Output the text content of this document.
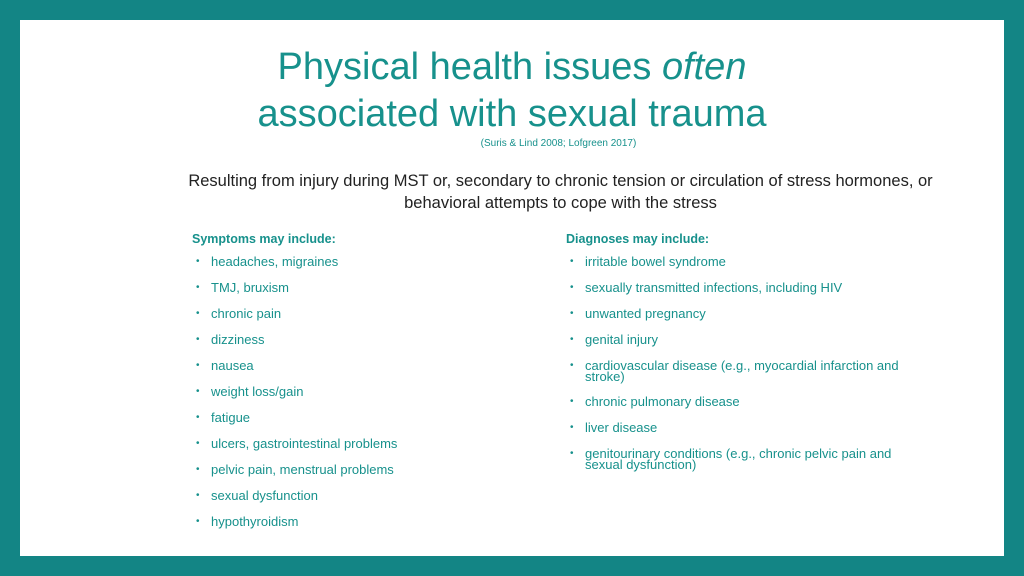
Physical health issues often
associated with sexual trauma
(Suris & Lind 2008; Lofgreen 2017)
Resulting from injury during MST or, secondary to chronic tension or circulation of stress hormones, or behavioral attempts to cope with the stress
Symptoms may include:
• headaches, migraines
• TMJ, bruxism
• chronic pain
• dizziness
• nausea
• weight loss/gain
• fatigue
• ulcers, gastrointestinal problems
• pelvic pain, menstrual problems
• sexual dysfunction
• hypothyroidism
Diagnoses may include:
• irritable bowel syndrome
• sexually transmitted infections, including HIV
• unwanted pregnancy
• genital injury
• cardiovascular disease (e.g., myocardial infarction and stroke)
• chronic pulmonary disease
• liver disease
• genitourinary conditions (e.g., chronic pelvic pain and sexual dysfunction)
